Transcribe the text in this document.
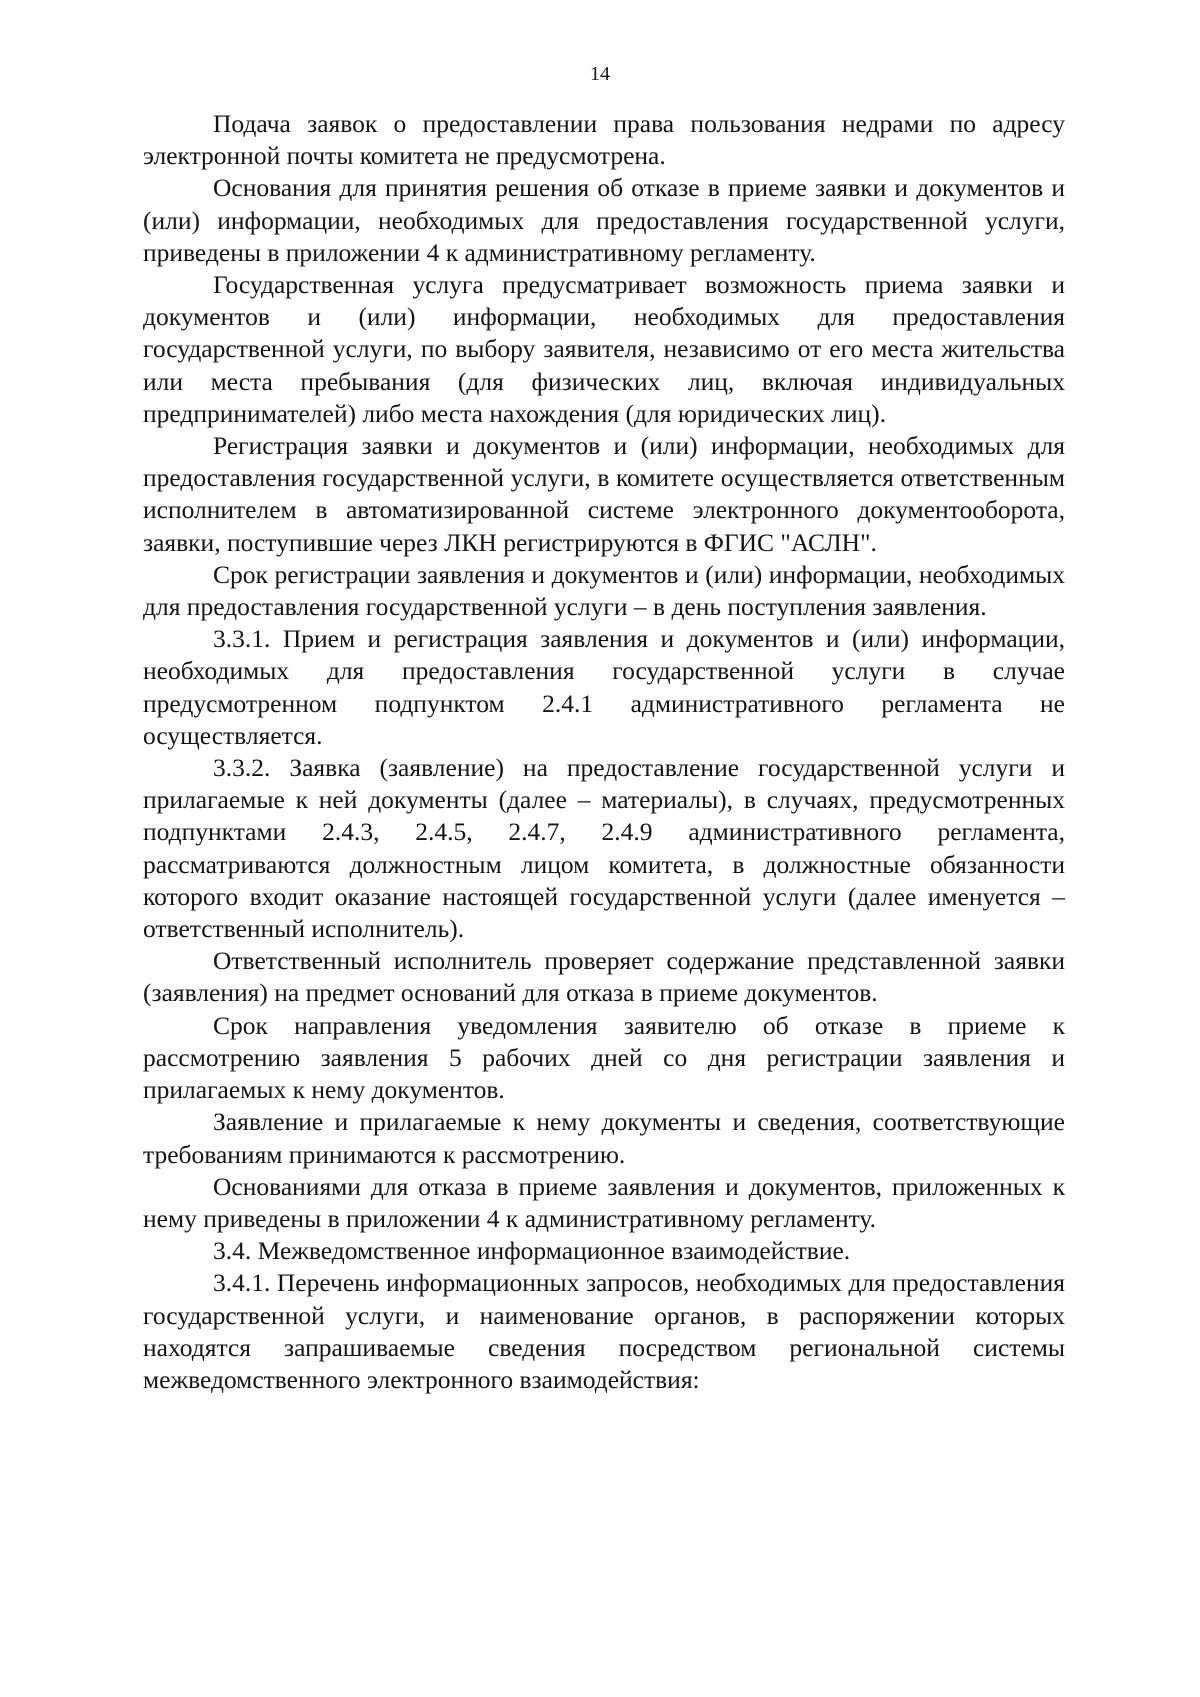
14

Подача заявок о предоставлении права пользования недрами по адресу электронной почты комитета не предусмотрена.

Основания для принятия решения об отказе в приеме заявки и документов и (или) информации, необходимых для предоставления государственной услуги, приведены в приложении 4 к административному регламенту.

Государственная услуга предусматривает возможность приема заявки и документов и (или) информации, необходимых для предоставления государственной услуги, по выбору заявителя, независимо от его места жительства или места пребывания (для физических лиц, включая индивидуальных предпринимателей) либо места нахождения (для юридических лиц).

Регистрация заявки и документов и (или) информации, необходимых для предоставления государственной услуги, в комитете осуществляется ответственным исполнителем в автоматизированной системе электронного документооборота, заявки, поступившие через ЛКН регистрируются в ФГИС "АСЛН".

Срок регистрации заявления и документов и (или) информации, необходимых для предоставления государственной услуги – в день поступления заявления.

3.3.1. Прием и регистрация заявления и документов и (или) информации, необходимых для предоставления государственной услуги в случае предусмотренном подпунктом 2.4.1 административного регламента не осуществляется.

3.3.2. Заявка (заявление) на предоставление государственной услуги и прилагаемые к ней документы (далее – материалы), в случаях, предусмотренных подпунктами 2.4.3, 2.4.5, 2.4.7, 2.4.9 административного регламента, рассматриваются должностным лицом комитета, в должностные обязанности которого входит оказание настоящей государственной услуги (далее именуется – ответственный исполнитель).

Ответственный исполнитель проверяет содержание представленной заявки (заявления) на предмет оснований для отказа в приеме документов.

Срок направления уведомления заявителю об отказе в приеме к рассмотрению заявления 5 рабочих дней со дня регистрации заявления и прилагаемых к нему документов.

Заявление и прилагаемые к нему документы и сведения, соответствующие требованиям принимаются к рассмотрению.

Основаниями для отказа в приеме заявления и документов, приложенных к нему приведены в приложении 4 к административному регламенту.

3.4. Межведомственное информационное взаимодействие.

3.4.1. Перечень информационных запросов, необходимых для предоставления государственной услуги, и наименование органов, в распоряжении которых находятся запрашиваемые сведения посредством региональной системы межведомственного электронного взаимодействия:
